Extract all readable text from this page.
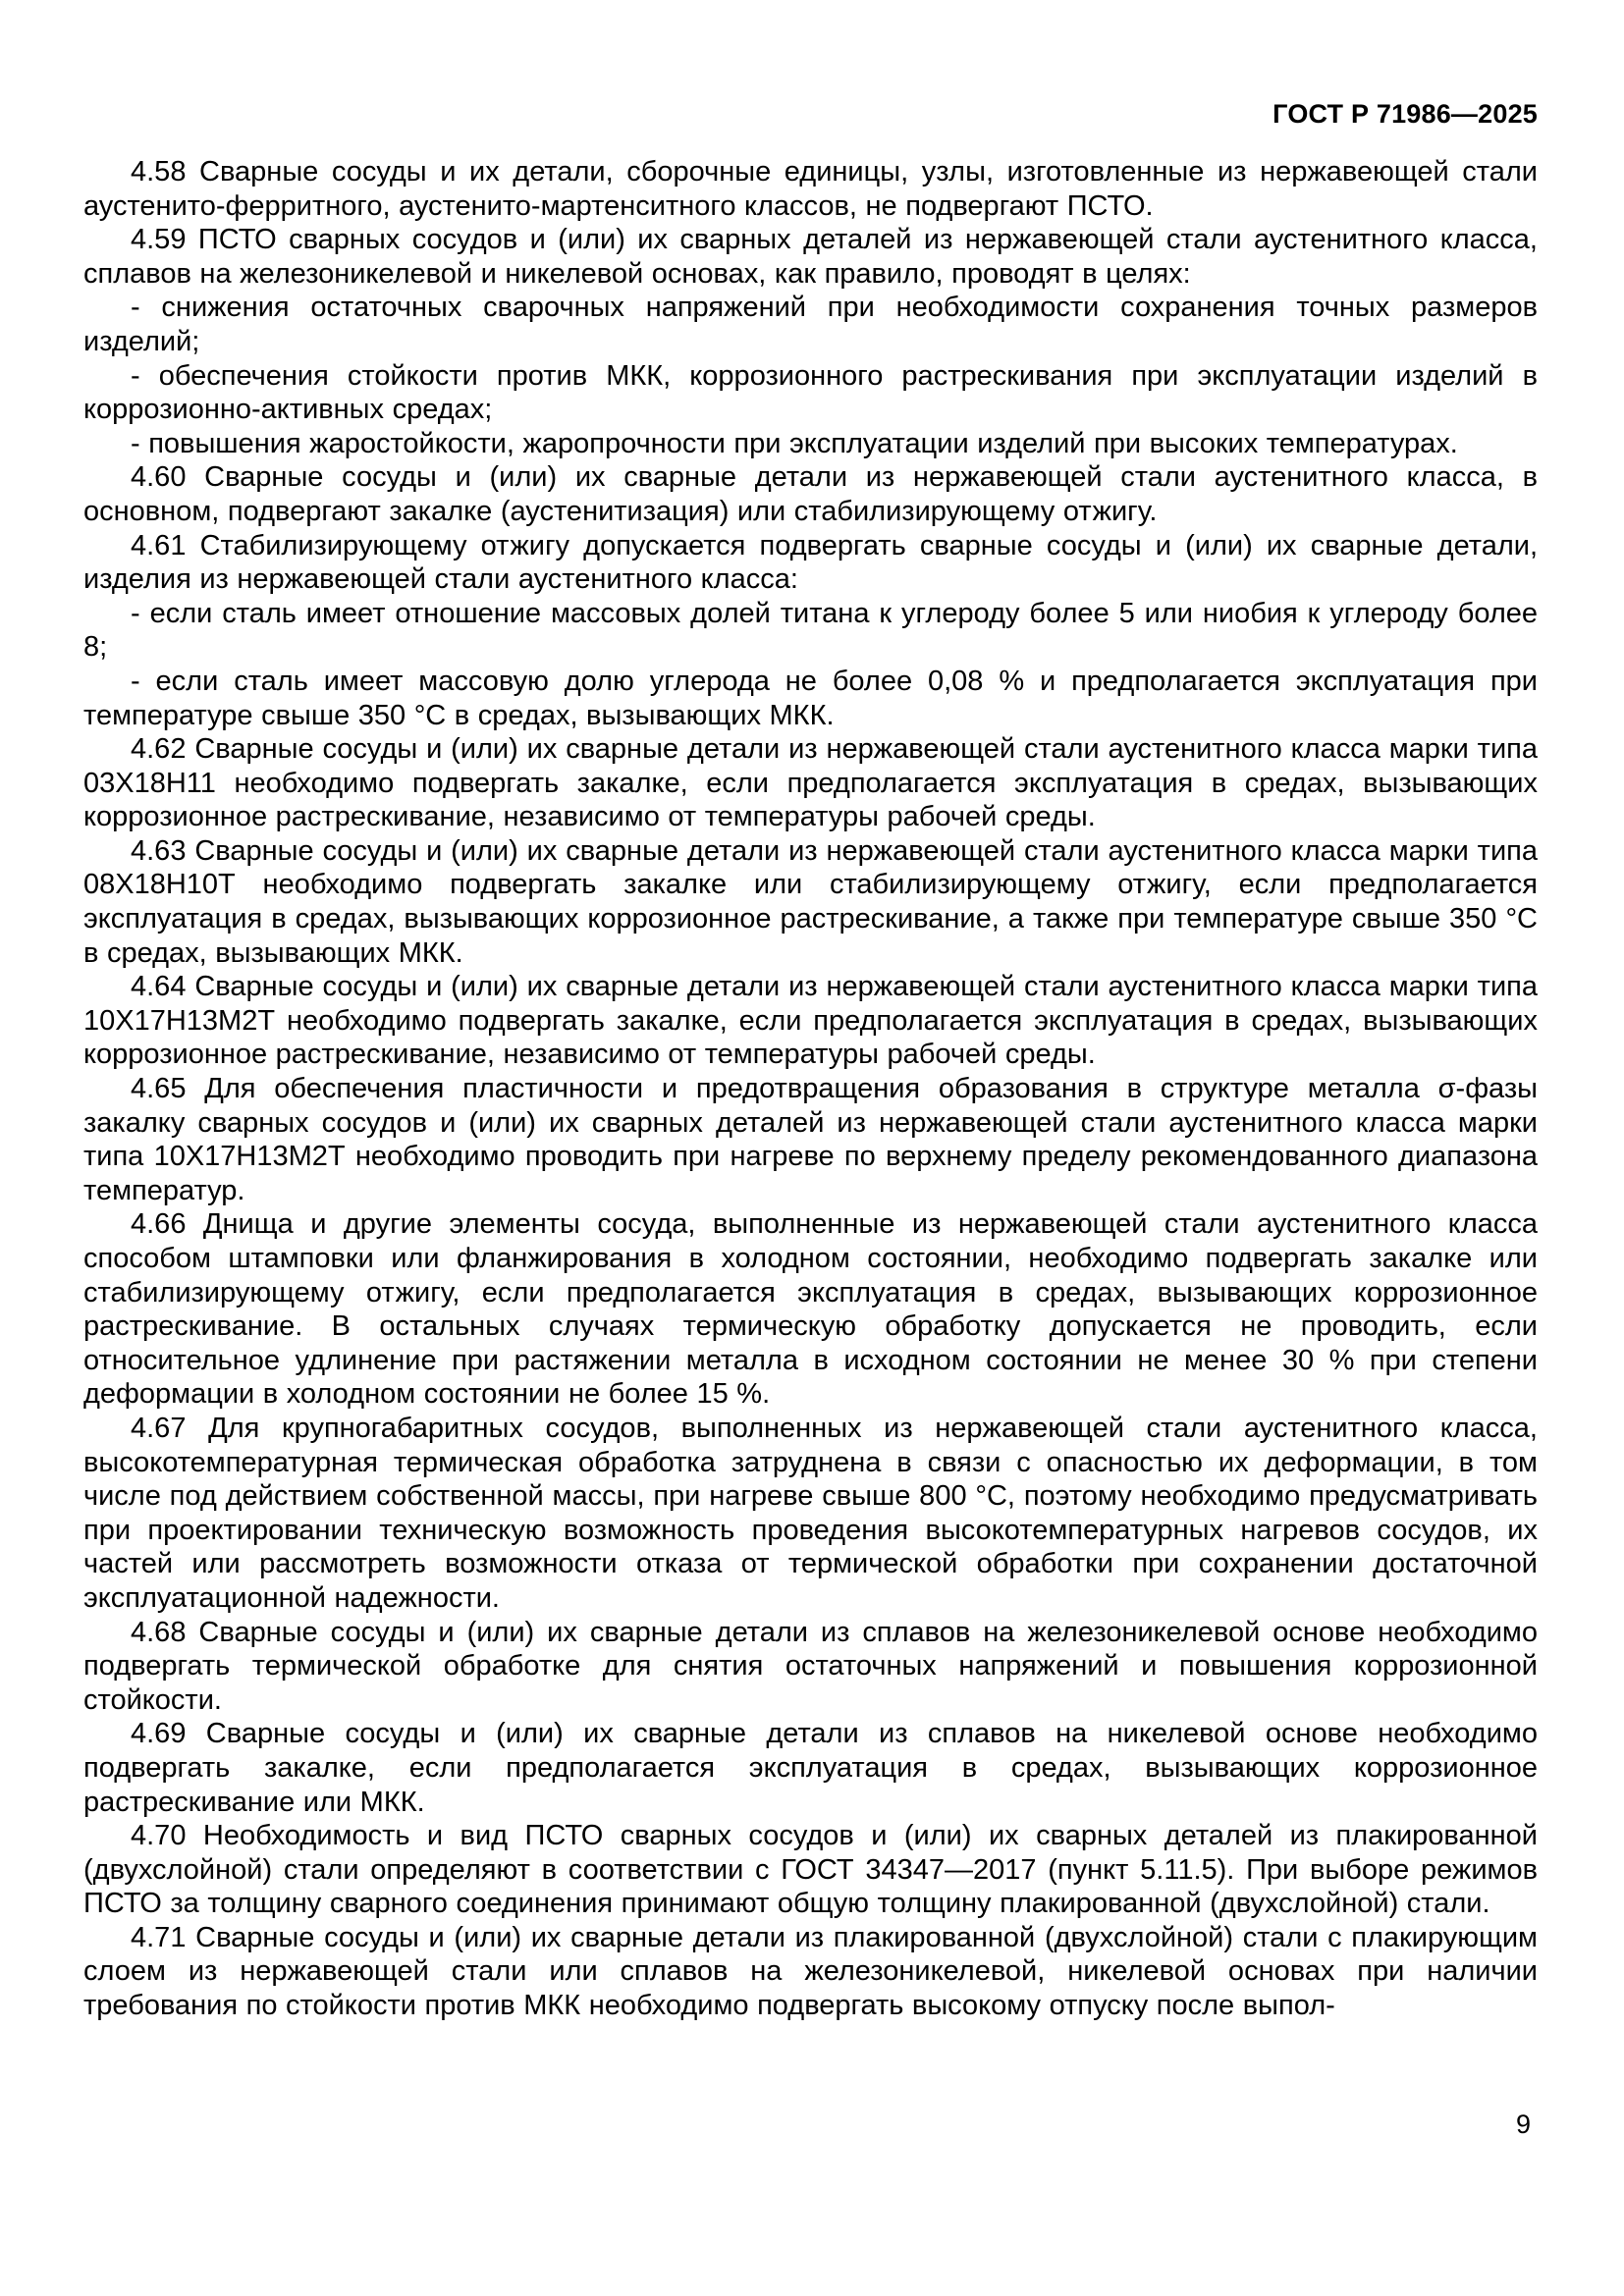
ГОСТ Р 71986—2025

4.58 Сварные сосуды и их детали, сборочные единицы, узлы, изготовленные из нержавеющей стали аустенито-ферритного, аустенито-мартенситного классов, не подвергают ПСТО.

4.59 ПСТО сварных сосудов и (или) их сварных деталей из нержавеющей стали аустенитного класса, сплавов на железоникелевой и никелевой основах, как правило, проводят в целях:

- снижения остаточных сварочных напряжений при необходимости сохранения точных размеров изделий;

- обеспечения стойкости против МКК, коррозионного растрескивания при эксплуатации изделий в коррозионно-активных средах;

- повышения жаростойкости, жаропрочности при эксплуатации изделий при высоких температурах.

4.60 Сварные сосуды и (или) их сварные детали из нержавеющей стали аустенитного класса, в основном, подвергают закалке (аустенитизация) или стабилизирующему отжигу.

4.61 Стабилизирующему отжигу допускается подвергать сварные сосуды и (или) их сварные детали, изделия из нержавеющей стали аустенитного класса:

- если сталь имеет отношение массовых долей титана к углероду более 5 или ниобия к углероду более 8;

- если сталь имеет массовую долю углерода не более 0,08 % и предполагается эксплуатация при температуре свыше 350 °С в средах, вызывающих МКК.

4.62 Сварные сосуды и (или) их сварные детали из нержавеющей стали аустенитного класса марки типа 03Х18Н11 необходимо подвергать закалке, если предполагается эксплуатация в средах, вызывающих коррозионное растрескивание, независимо от температуры рабочей среды.

4.63 Сварные сосуды и (или) их сварные детали из нержавеющей стали аустенитного класса марки типа 08Х18Н10Т необходимо подвергать закалке или стабилизирующему отжигу, если предполагается эксплуатация в средах, вызывающих коррозионное растрескивание, а также при температуре свыше 350 °С в средах, вызывающих МКК.

4.64 Сварные сосуды и (или) их сварные детали из нержавеющей стали аустенитного класса марки типа 10Х17Н13М2Т необходимо подвергать закалке, если предполагается эксплуатация в средах, вызывающих коррозионное растрескивание, независимо от температуры рабочей среды.

4.65 Для обеспечения пластичности и предотвращения образования в структуре металла σ-фазы закалку сварных сосудов и (или) их сварных деталей из нержавеющей стали аустенитного класса марки типа 10Х17Н13М2Т необходимо проводить при нагреве по верхнему пределу рекомендованного диапазона температур.

4.66 Днища и другие элементы сосуда, выполненные из нержавеющей стали аустенитного класса способом штамповки или фланжирования в холодном состоянии, необходимо подвергать закалке или стабилизирующему отжигу, если предполагается эксплуатация в средах, вызывающих коррозионное растрескивание. В остальных случаях термическую обработку допускается не проводить, если относительное удлинение при растяжении металла в исходном состоянии не менее 30 % при степени деформации в холодном состоянии не более 15 %.

4.67 Для крупногабаритных сосудов, выполненных из нержавеющей стали аустенитного класса, высокотемпературная термическая обработка затруднена в связи с опасностью их деформации, в том числе под действием собственной массы, при нагреве свыше 800 °С, поэтому необходимо предусматривать при проектировании техническую возможность проведения высокотемпературных нагревов сосудов, их частей или рассмотреть возможности отказа от термической обработки при сохранении достаточной эксплуатационной надежности.

4.68 Сварные сосуды и (или) их сварные детали из сплавов на железоникелевой основе необходимо подвергать термической обработке для снятия остаточных напряжений и повышения коррозионной стойкости.

4.69 Сварные сосуды и (или) их сварные детали из сплавов на никелевой основе необходимо подвергать закалке, если предполагается эксплуатация в средах, вызывающих коррозионное растрескивание или МКК.

4.70 Необходимость и вид ПСТО сварных сосудов и (или) их сварных деталей из плакированной (двухслойной) стали определяют в соответствии с ГОСТ 34347—2017 (пункт 5.11.5). При выборе режимов ПСТО за толщину сварного соединения принимают общую толщину плакированной (двухслойной) стали.

4.71 Сварные сосуды и (или) их сварные детали из плакированной (двухслойной) стали с плакирующим слоем из нержавеющей стали или сплавов на железоникелевой, никелевой основах при наличии требования по стойкости против МКК необходимо подвергать высокому отпуску после выпол-

9
